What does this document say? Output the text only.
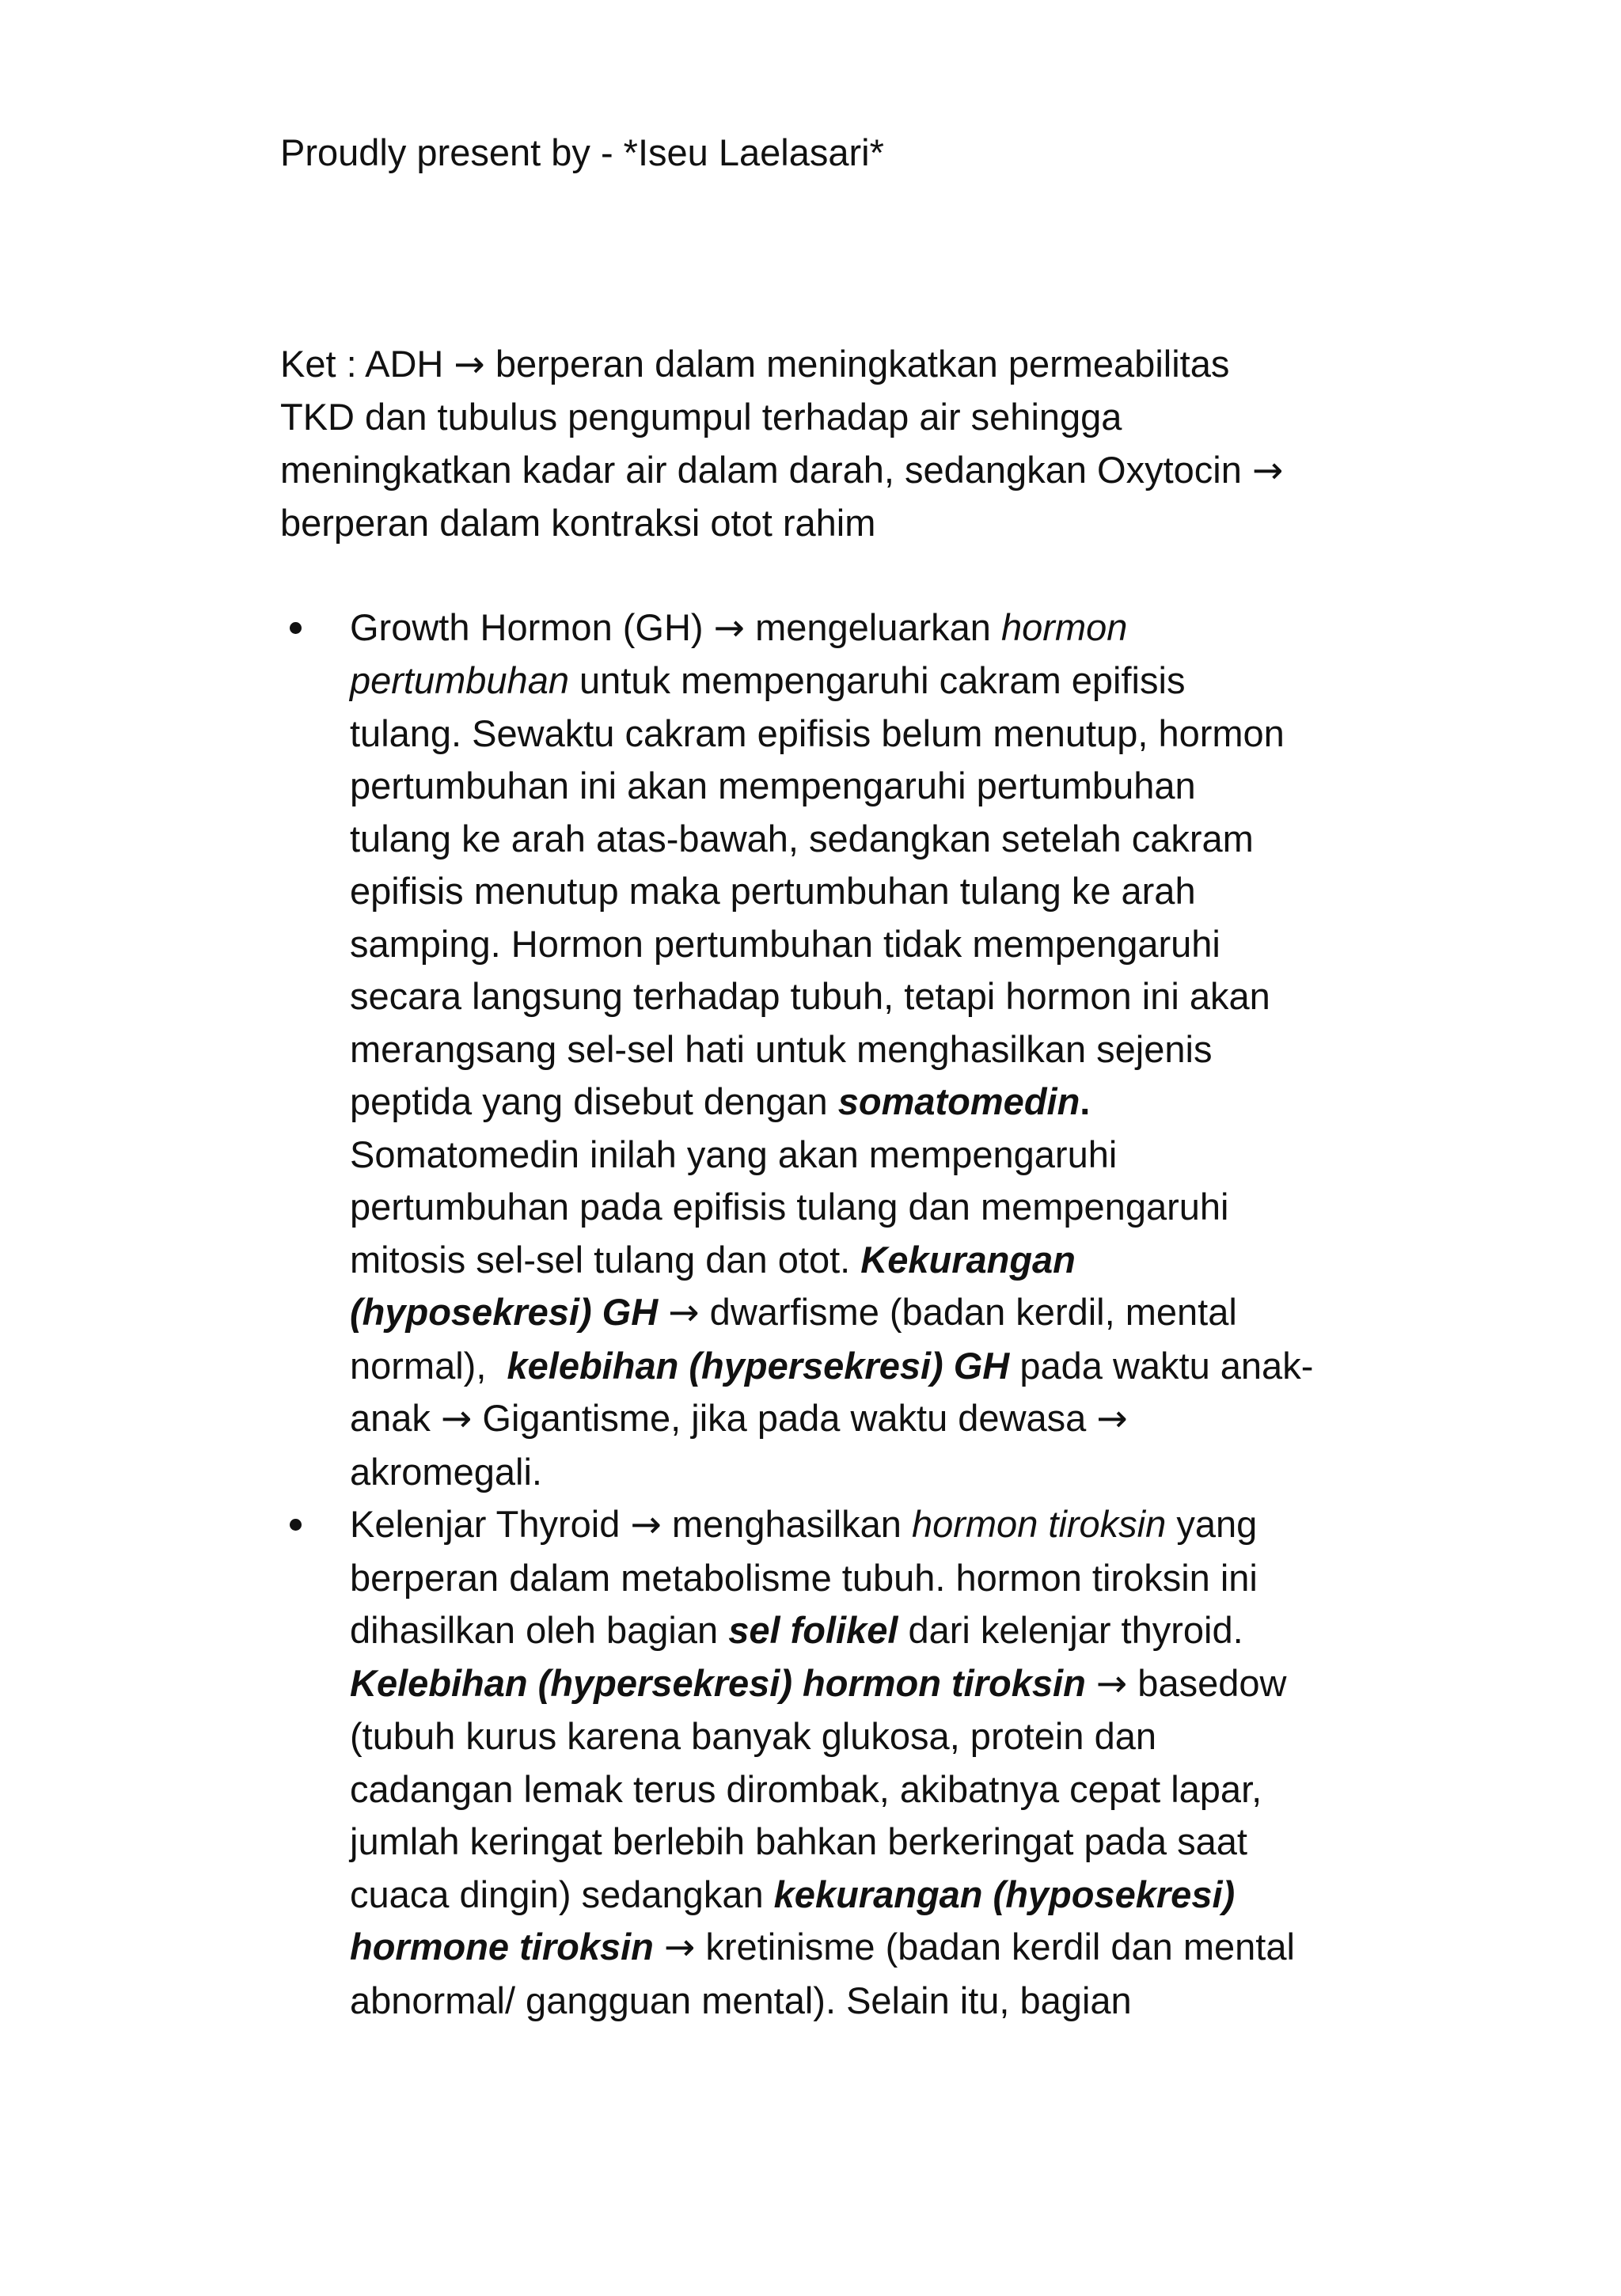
Proudly present by - *Iseu Laelasari*
Ket : ADH → berperan dalam meningkatkan permeabilitas
TKD dan tubulus pengumpul terhadap air sehingga
meningkatkan kadar air dalam darah, sedangkan Oxytocin →
berperan dalam kontraksi otot rahim
Growth Hormon (GH) → mengeluarkan hormon
pertumbuhan untuk mempengaruhi cakram epifisis
tulang. Sewaktu cakram epifisis belum menutup, hormon
pertumbuhan ini akan mempengaruhi pertumbuhan
tulang ke arah atas-bawah, sedangkan setelah cakram
epifisis menutup maka pertumbuhan tulang ke arah
samping. Hormon pertumbuhan tidak mempengaruhi
secara langsung terhadap tubuh, tetapi hormon ini akan
merangsang sel-sel hati untuk menghasilkan sejenis
peptida yang disebut dengan somatomedin.
Somatomedin inilah yang akan mempengaruhi
pertumbuhan pada epifisis tulang dan mempengaruhi
mitosis sel-sel tulang dan otot. Kekurangan
(hyposekresi) GH → dwarfisme (badan kerdil, mental
normal),  kelebihan (hypersekresi) GH pada waktu anak-
anak → Gigantisme, jika pada waktu dewasa →
akromegali.
Kelenjar Thyroid → menghasilkan hormon tiroksin yang
berperan dalam metabolisme tubuh. hormon tiroksin ini
dihasilkan oleh bagian sel folikel dari kelenjar thyroid.
Kelebihan (hypersekresi) hormon tiroksin → basedow
(tubuh kurus karena banyak glukosa, protein dan
cadangan lemak terus dirombak, akibatnya cepat lapar,
jumlah keringat berlebih bahkan berkeringat pada saat
cuaca dingin) sedangkan kekurangan (hyposekresi)
hormone tiroksin → kretinisme (badan kerdil dan mental
abnormal/ gangguan mental). Selain itu, bagian
